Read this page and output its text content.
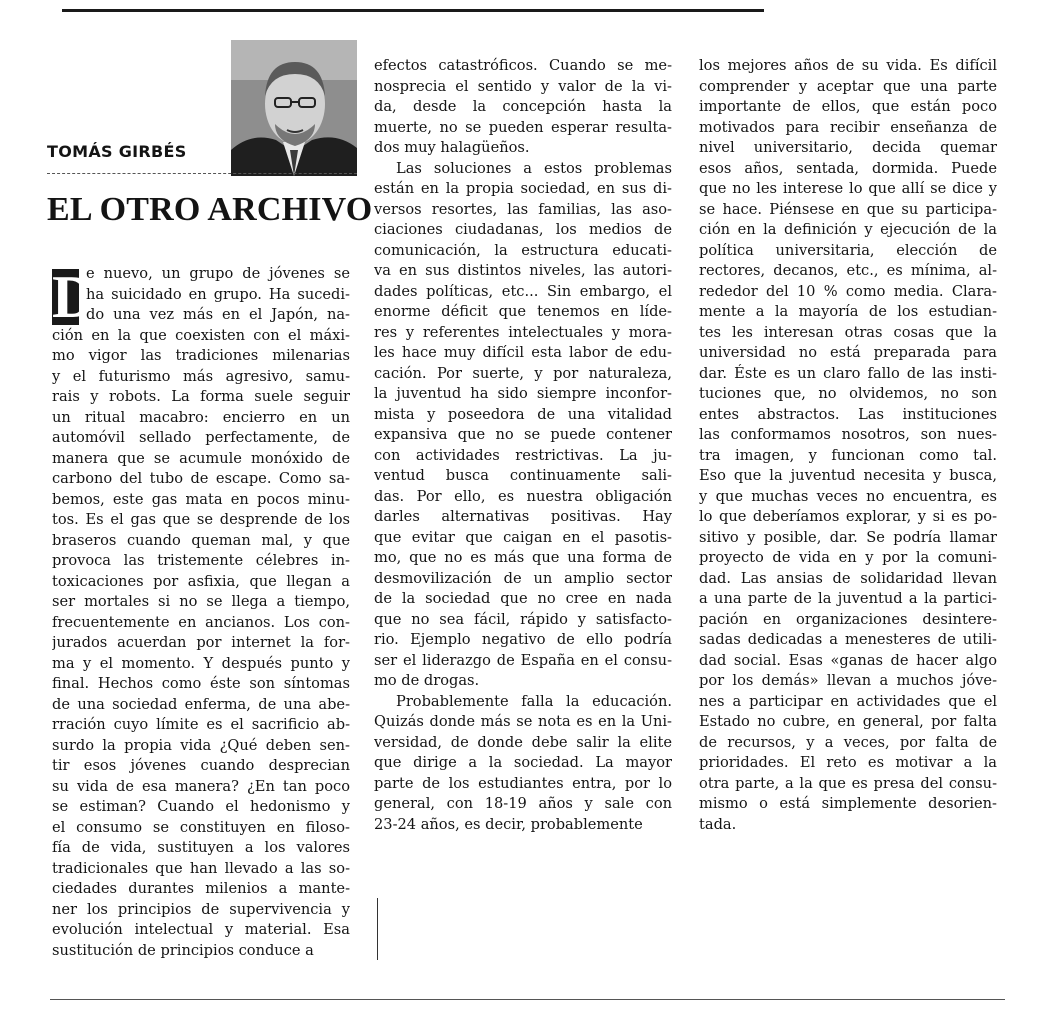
TOMÁS GIRBÉS
EL OTRO ARCHIVO
D
e nuevo, un grupo de jóvenes se
ha suicidado en grupo. Ha sucedi-
do una vez más en el Japón, na-
ción en la que coexisten con el máxi-
mo vigor las tradiciones milenarias
y el futurismo más agresivo, samu-
rais y robots. La forma suele seguir
un ritual macabro: encierro en un
automóvil sellado perfectamente, de
manera que se acumule monóxido de
carbono del tubo de escape. Como sa-
bemos, este gas mata en pocos minu-
tos. Es el gas que se desprende de los
braseros cuando queman mal, y que
provoca las tristemente célebres in-
toxicaciones por asfixia, que llegan a
ser mortales si no se llega a tiempo,
frecuentemente en ancianos. Los con-
jurados acuerdan por internet la for-
ma y el momento. Y después punto y
final. Hechos como éste son síntomas
de una sociedad enferma, de una abe-
rración cuyo límite es el sacrificio ab-
surdo la propia vida ¿Qué deben sen-
tir esos jóvenes cuando desprecian
su vida de esa manera? ¿En tan poco
se estiman? Cuando el hedonismo y
el consumo se constituyen en filoso-
fía de vida, sustituyen a los valores
tradicionales que han llevado a las so-
ciedades durantes milenios a mante-
ner los principios de supervivencia y
evolución intelectual y material. Esa
sustitución de principios conduce a
efectos catastróficos. Cuando se me-
nosprecia el sentido y valor de la vi-
da, desde la concepción hasta la
muerte, no se pueden esperar resulta-
dos muy halagüeños.
Las soluciones a estos problemas
están en la propia sociedad, en sus di-
versos resortes, las familias, las aso-
ciaciones ciudadanas, los medios de
comunicación, la estructura educati-
va en sus distintos niveles, las autori-
dades políticas, etc... Sin embargo, el
enorme déficit que tenemos en líde-
res y referentes intelectuales y mora-
les hace muy difícil esta labor de edu-
cación. Por suerte, y por naturaleza,
la juventud ha sido siempre inconfor-
mista y poseedora de una vitalidad
expansiva que no se puede contener
con actividades restrictivas. La ju-
ventud busca continuamente sali-
das. Por ello, es nuestra obligación
darles alternativas positivas. Hay
que evitar que caigan en el pasotis-
mo, que no es más que una forma de
desmovilización de un amplio sector
de la sociedad que no cree en nada
que no sea fácil, rápido y satisfacto-
rio. Ejemplo negativo de ello podría
ser el liderazgo de España en el consu-
mo de drogas.
Probablemente falla la educación.
Quizás donde más se nota es en la Uni-
versidad, de donde debe salir la elite
que dirige a la sociedad. La mayor
parte de los estudiantes entra, por lo
general, con 18-19 años y sale con
23-24 años, es decir, probablemente
los mejores años de su vida. Es difícil
comprender y aceptar que una parte
importante de ellos, que están poco
motivados para recibir enseñanza de
nivel universitario, decida quemar
esos años, sentada, dormida. Puede
que no les interese lo que allí se dice y
se hace. Piénsese en que su participa-
ción en la definición y ejecución de la
política universitaria, elección de
rectores, decanos, etc., es mínima, al-
rededor del 10 % como media. Clara-
mente a la mayoría de los estudian-
tes les interesan otras cosas que la
universidad no está preparada para
dar. Éste es un claro fallo de las insti-
tuciones que, no olvidemos, no son
entes abstractos. Las instituciones
las conformamos nosotros, son nues-
tra imagen, y funcionan como tal.
Eso que la juventud necesita y busca,
y que muchas veces no encuentra, es
lo que deberíamos explorar, y si es po-
sitivo y posible, dar. Se podría llamar
proyecto de vida en y por la comuni-
dad. Las ansias de solidaridad llevan
a una parte de la juventud a la partici-
pación en organizaciones desintere-
sadas dedicadas a menesteres de utili-
dad social. Esas «ganas de hacer algo
por los demás» llevan a muchos jóve-
nes a participar en actividades que el
Estado no cubre, en general, por falta
de recursos, y a veces, por falta de
prioridades. El reto es motivar a la
otra parte, a la que es presa del consu-
mismo o está simplemente desorien-
tada.
